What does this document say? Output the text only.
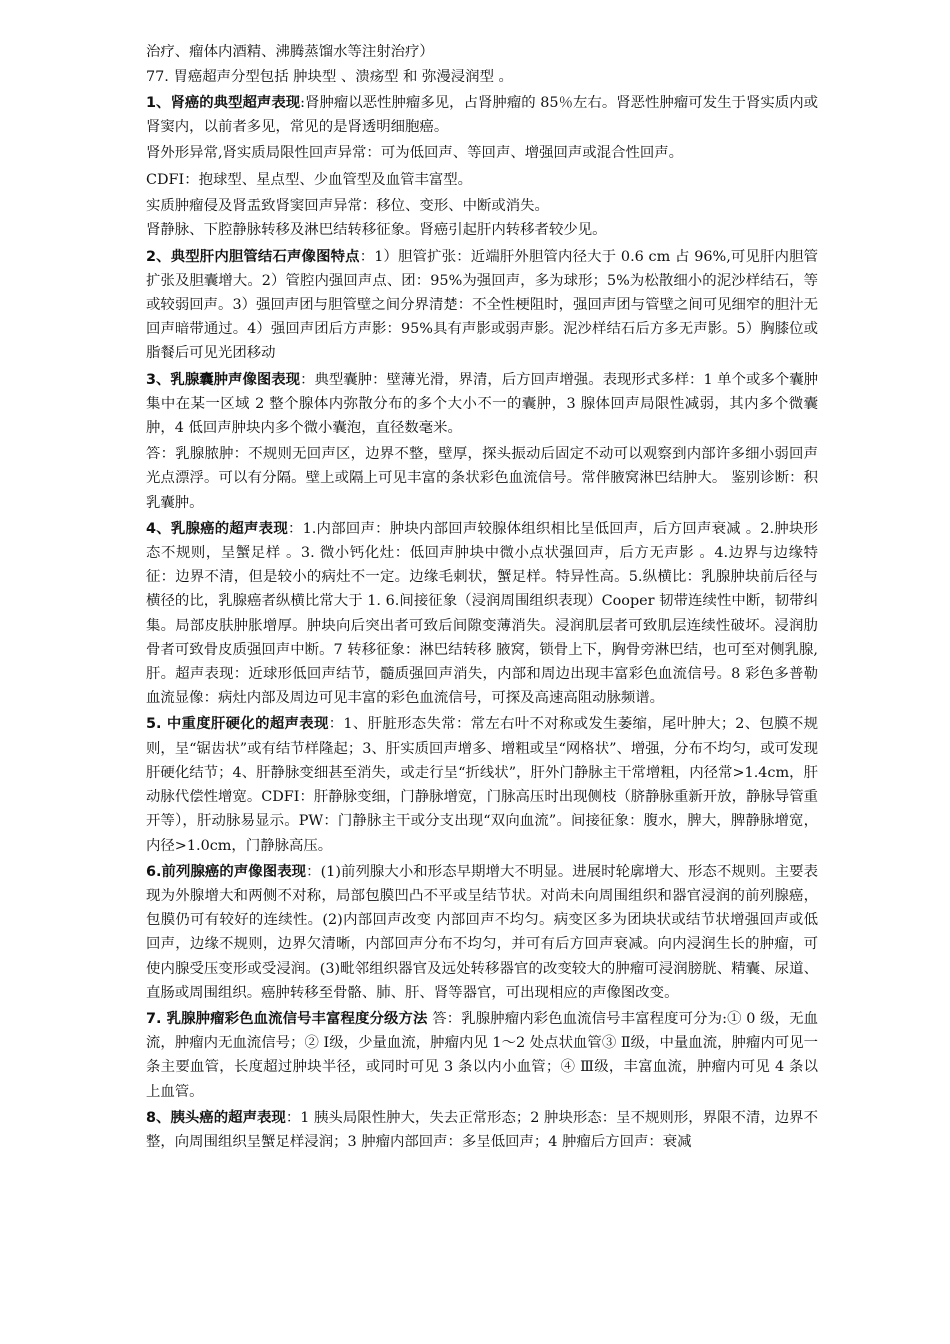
治疗、瘤体内酒精、沸腾蒸馏水等注射治疗）

77. 胃癌超声分型包括 肿块型 、溃疡型 和 弥漫浸润型 。

1、肾癌的典型超声表现:肾肿瘤以恶性肿瘤多见，占肾肿瘤的 85％左右。肾恶性肿瘤可发生于肾实质内或肾窦内，以前者多见，常见的是肾透明细胞癌。

肾外形异常,肾实质局限性回声异常：可为低回声、等回声、增强回声或混合性回声。

CDFI：抱球型、星点型、少血管型及血管丰富型。

实质肿瘤侵及肾盂致肾窦回声异常：移位、变形、中断或消失。

肾静脉、下腔静脉转移及淋巴结转移征象。肾癌引起肝内转移者较少见。

2、典型肝内胆管结石声像图特点：1）胆管扩张：近端肝外胆管内径大于 0.6 cm 占 96%,可见肝内胆管扩张及胆囊增大。2）管腔内强回声点、团：95%为强回声，多为球形；5%为松散细小的泥沙样结石，等或较弱回声。3）强回声团与胆管壁之间分界清楚：不全性梗阻时，强回声团与管壁之间可见细窄的胆汁无回声暗带通过。4）强回声团后方声影：95%具有声影或弱声影。泥沙样结石后方多无声影。5）胸膝位或脂餐后可见光团移动

3、乳腺囊肿声像图表现：典型囊肿：壁薄光滑，界清，后方回声增强。表现形式多样：1 单个或多个囊肿集中在某一区域 2 整个腺体内弥散分布的多个大小不一的囊肿，3 腺体回声局限性减弱，其内多个微囊肿，4 低回声肿块内多个微小囊泡，直径数毫米。

答：乳腺脓肿：不规则无回声区，边界不整，壁厚，探头振动后固定不动可以观察到内部许多细小弱回声光点漂浮。可以有分隔。壁上或隔上可见丰富的条状彩色血流信号。常伴腋窝淋巴结肿大。 鉴别诊断：积乳囊肿。

4、乳腺癌的超声表现：1.内部回声：肿块内部回声较腺体组织相比呈低回声，后方回声衰减 。2.肿块形态不规则，呈蟹足样 。3. 微小钙化灶：低回声肿块中微小点状强回声，后方无声影 。4.边界与边缘特征：边界不清，但是较小的病灶不一定。边缘毛刺状，蟹足样。特异性高。5.纵横比：乳腺肿块前后径与横径的比，乳腺癌者纵横比常大于 1. 6.间接征象（浸润周围组织表现）Cooper 韧带连续性中断，韧带纠集。局部皮肤肿胀增厚。肿块向后突出者可致后间隙变薄消失。浸润肌层者可致肌层连续性破坏。浸润肋骨者可致骨皮质强回声中断。7 转移征象：淋巴结转移 腋窝，锁骨上下，胸骨旁淋巴结，也可至对侧乳腺,肝。超声表现：近球形低回声结节，髓质强回声消失，内部和周边出现丰富彩色血流信号。8 彩色多普勒血流显像：病灶内部及周边可见丰富的彩色血流信号，可探及高速高阻动脉频谱。

5. 中重度肝硬化的超声表现：1、肝脏形态失常：常左右叶不对称或发生萎缩，尾叶肿大；2、包膜不规则，呈“锯齿状”或有结节样隆起；3、肝实质回声增多、增粗或呈“网格状”、增强，分布不均匀，或可发现肝硬化结节；4、肝静脉变细甚至消失，或走行呈“折线状”，肝外门静脉主干常增粗，内径常>1.4cm，肝动脉代偿性增宽。CDFI：肝静脉变细，门静脉增宽，门脉高压时出现侧枝（脐静脉重新开放，静脉导管重开等），肝动脉易显示。PW：门静脉主干或分支出现“双向血流”。间接征象：腹水，脾大，脾静脉增宽，内径>1.0cm，门静脉高压。

6.前列腺癌的声像图表现：(1)前列腺大小和形态早期增大不明显。进展时轮廓增大、形态不规则。主要表现为外腺增大和两侧不对称，局部包膜凹凸不平或呈结节状。对尚未向周围组织和器官浸润的前列腺癌，包膜仍可有较好的连续性。(2)内部回声改变 内部回声不均匀。病变区多为团块状或结节状增强回声或低回声，边缘不规则，边界欠清晰，内部回声分布不均匀，并可有后方回声衰减。向内浸润生长的肿瘤，可使内腺受压变形或受浸润。(3)毗邻组织器官及远处转移器官的改变较大的肿瘤可浸润膀胱、精囊、尿道、直肠或周围组织。癌肿转移至骨骼、肺、肝、肾等器官，可出现相应的声像图改变。

7. 乳腺肿瘤彩色血流信号丰富程度分级方法 答：乳腺肿瘤内彩色血流信号丰富程度可分为:① 0 级，无血流，肿瘤内无血流信号；② Ⅰ级，少量血流，肿瘤内见 1～2 处点状血管③ Ⅱ级，中量血流，肿瘤内可见一条主要血管，长度超过肿块半径，或同时可见 3 条以内小血管；④ Ⅲ级，丰富血流，肿瘤内可见 4 条以上血管。

8、胰头癌的超声表现：1 胰头局限性肿大，失去正常形态；2 肿块形态：呈不规则形，界限不清，边界不整，向周围组织呈蟹足样浸润；3 肿瘤内部回声：多呈低回声；4 肿瘤后方回声：衰减
